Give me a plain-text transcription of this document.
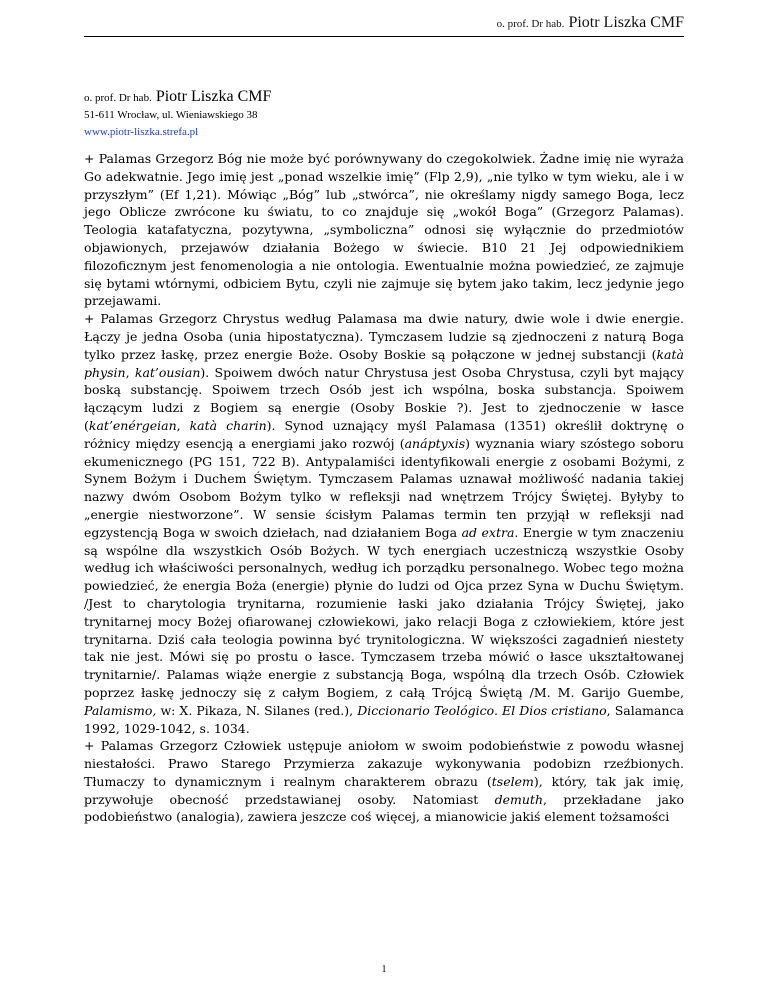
o. prof. Dr hab. Piotr Liszka CMF
o. prof. Dr hab. Piotr Liszka CMF
51-611 Wrocław, ul. Wieniawskiego 38
www.piotr-liszka.strefa.pl

+ Palamas Grzegorz Bóg nie może być porównywany do czegokolwiek. Żadne imię nie wyraża Go adekwatnie. Jego imię jest „ponad wszelkie imię” (Flp 2,9), „nie tylko w tym wieku, ale i w przyszłym” (Ef 1,21). Mówiąc „Bóg” lub „stwórca”, nie określamy nigdy samego Boga, lecz jego Oblicze zwrócone ku światu, to co znajduje się „wokół Boga” (Grzegorz Palamas). Teologia katafatyczna, pozytywna, „symboliczna” odnosi się wyłącznie do przedmiotów objawionych, przejawów działania Bożego w świecie. B10 21 Jej odpowiednikiem filozoficznym jest fenomenologia a nie ontologia. Ewentualnie można powiedzieć, ze zajmuje się bytami wtórnymi, odbiciem Bytu, czyli nie zajmuje się bytem jako takim, lecz jedynie jego przejawami.

+ Palamas Grzegorz Chrystus według Palamasa ma dwie natury, dwie wole i dwie energie. Łączy je jedna Osoba (unia hipostatyczna). Tymczasem ludzie są zjednoczeni z naturą Boga tylko przez łaskę, przez energie Boże. Osoby Boskie są połączone w jednej substancji (katà physin, kat’ousian). Spoiwem dwóch natur Chrystusa jest Osoba Chrystusa, czyli byt mający boską substancję. Spoiwem trzech Osób jest ich wspólna, boska substancja. Spoiwem łączącym ludzi z Bogiem są energie (Osoby Boskie ?). Jest to zjednoczenie w łasce (kat’enérgeian, katà charin). Synod uznający myśl Palamasa (1351) określił doktrynę o różnicy między esencją a energiami jako rozwój (anáptyxis) wyznania wiary szóstego soboru ekumenicznego (PG 151, 722 B). Antypalamiści identyfikowali energie z osobami Bożymi, z Synem Bożym i Duchem Świętym. Tymczasem Palamas uznawał możliwość nadania takiej nazwy dwóm Osobom Bożym tylko w refleksji nad wnętrzem Trójcy Świętej. Byłyby to „energie niestworzone”. W sensie ścisłym Palamas termin ten przyjął w refleksji nad egzystencją Boga w swoich dziełach, nad działaniem Boga ad extra. Energie w tym znaczeniu są wspólne dla wszystkich Osób Bożych. W tych energiach uczestniczą wszystkie Osoby według ich właściwości personalnych, według ich porządku personalnego. Wobec tego można powiedzieć, że energia Boża (energie) płynie do ludzi od Ojca przez Syna w Duchu Świętym. /Jest to charytologia trynitarna, rozumienie łaski jako działania Trójcy Świętej, jako trynitarnej mocy Bożej ofiarowanej człowiekowi, jako relacji Boga z człowiekiem, które jest trynitarna. Dziś cała teologia powinna być trynitologiczna. W większości zagadnień niestety tak nie jest. Mówi się po prostu o łasce. Tymczasem trzeba mówić o łasce ukształtowanej trynitarnie/. Palamas wiąże energie z substancją Boga, wspólną dla trzech Osób. Człowiek poprzez łaskę jednoczy się z całym Bogiem, z całą Trójcą Świętą /M. M. Garijo Guembe, Palamismo, w: X. Pikaza, N. Silanes (red.), Diccionario Teológico. El Dios cristiano, Salamanca 1992, 1029-1042, s. 1034.

+ Palamas Grzegorz Człowiek ustępuje aniołom w swoim podobieństwie z powodu własnej niestałości. Prawo Starego Przymierza zakazuje wykonywania podobizn rzeźbionych. Tłumaczy to dynamicznym i realnym charakterem obrazu (tselem), który, tak jak imię, przywołuje obecność przedstawianej osoby. Natomiast demuth, przekładane jako podobieństwo (analogia), zawiera jeszcze coś więcej, a mianowicie jakiś element tożsamości

1
